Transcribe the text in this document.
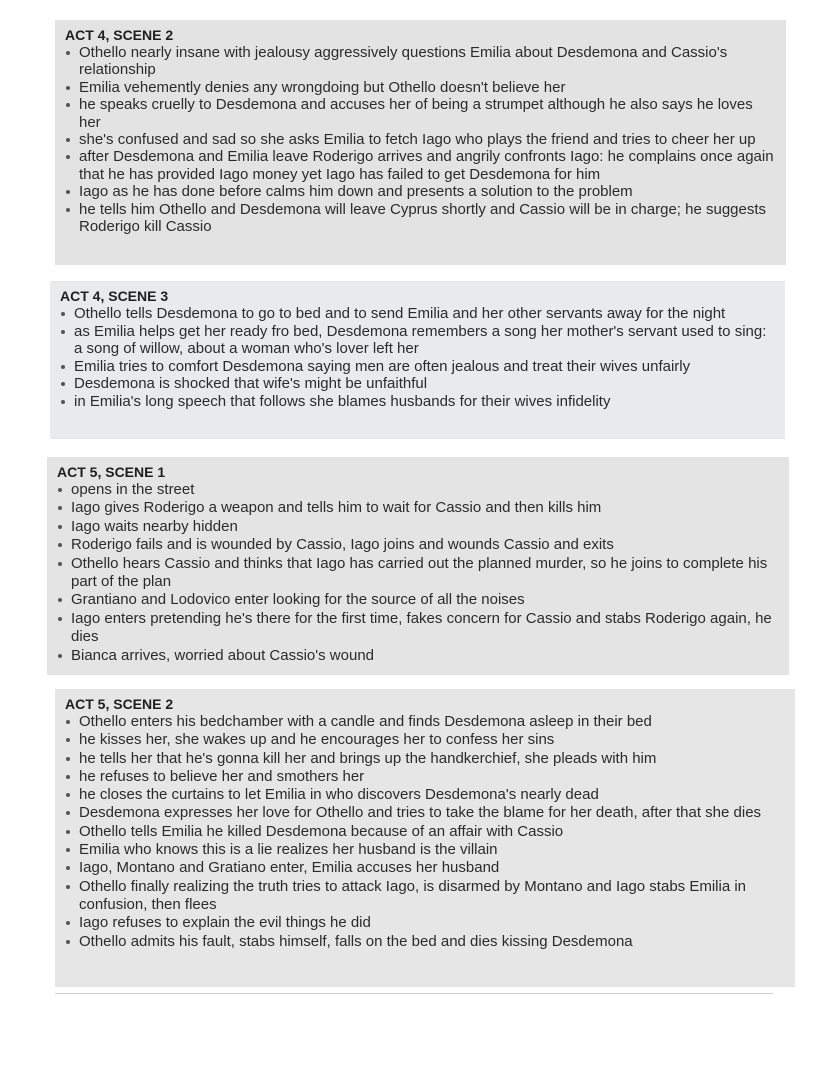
ACT 4, SCENE 2
Othello nearly insane with jealousy aggressively questions Emilia about Desdemona and Cassio's relationship
Emilia vehemently denies any wrongdoing but Othello doesn't believe her
he speaks cruelly to Desdemona and accuses her of being a strumpet although he also says he loves her
she's confused and sad so she asks Emilia to fetch Iago who plays the friend and tries to cheer her up
after Desdemona and Emilia leave Roderigo arrives and angrily confronts Iago: he complains once again that he has provided Iago money yet Iago has failed to get Desdemona for him
Iago as he has done before calms him down and presents a solution to the problem
he tells him Othello and Desdemona will leave Cyprus shortly and Cassio will be in charge; he suggests Roderigo kill Cassio
ACT 4, SCENE 3
Othello tells Desdemona to go to bed and to send Emilia and her other servants away for the night
as Emilia helps get her ready fro bed, Desdemona remembers a song her mother's servant used to sing: a song of willow, about a woman who's lover left her
Emilia tries to comfort Desdemona saying men are often jealous and treat their wives unfairly
Desdemona is shocked that wife's might be unfaithful
in Emilia's long speech that follows she blames husbands for their wives infidelity
ACT 5, SCENE 1
opens in the street
Iago gives Roderigo a weapon and tells him to wait for Cassio and then kills him
Iago waits nearby hidden
Roderigo fails and is wounded by Cassio, Iago joins and wounds Cassio and exits
Othello hears Cassio and thinks that Iago has carried out the planned murder, so he joins to complete his part of the plan
Grantiano and Lodovico enter looking for the source of all the noises
Iago enters pretending he's there for the first time, fakes concern for Cassio and stabs Roderigo again, he dies
Bianca arrives, worried about Cassio's wound
ACT 5, SCENE 2
Othello enters his bedchamber with a candle and finds Desdemona asleep in their bed
he kisses her, she wakes up and he encourages her to confess her sins
he tells her that he's gonna kill her and brings up the handkerchief, she pleads with him
he refuses to believe her and smothers her
he closes the curtains to let Emilia in who discovers Desdemona's nearly dead
Desdemona expresses her love for Othello and tries to take the blame for her death, after that she dies
Othello tells Emilia he killed Desdemona because of an affair with Cassio
Emilia who knows this is a lie realizes her husband is the villain
Iago, Montano and Gratiano enter, Emilia accuses her husband
Othello finally realizing the truth tries to attack Iago, is disarmed by Montano and Iago stabs Emilia in confusion, then flees
Iago refuses to explain the evil things he did
Othello admits his fault, stabs himself, falls on the bed and dies kissing Desdemona
